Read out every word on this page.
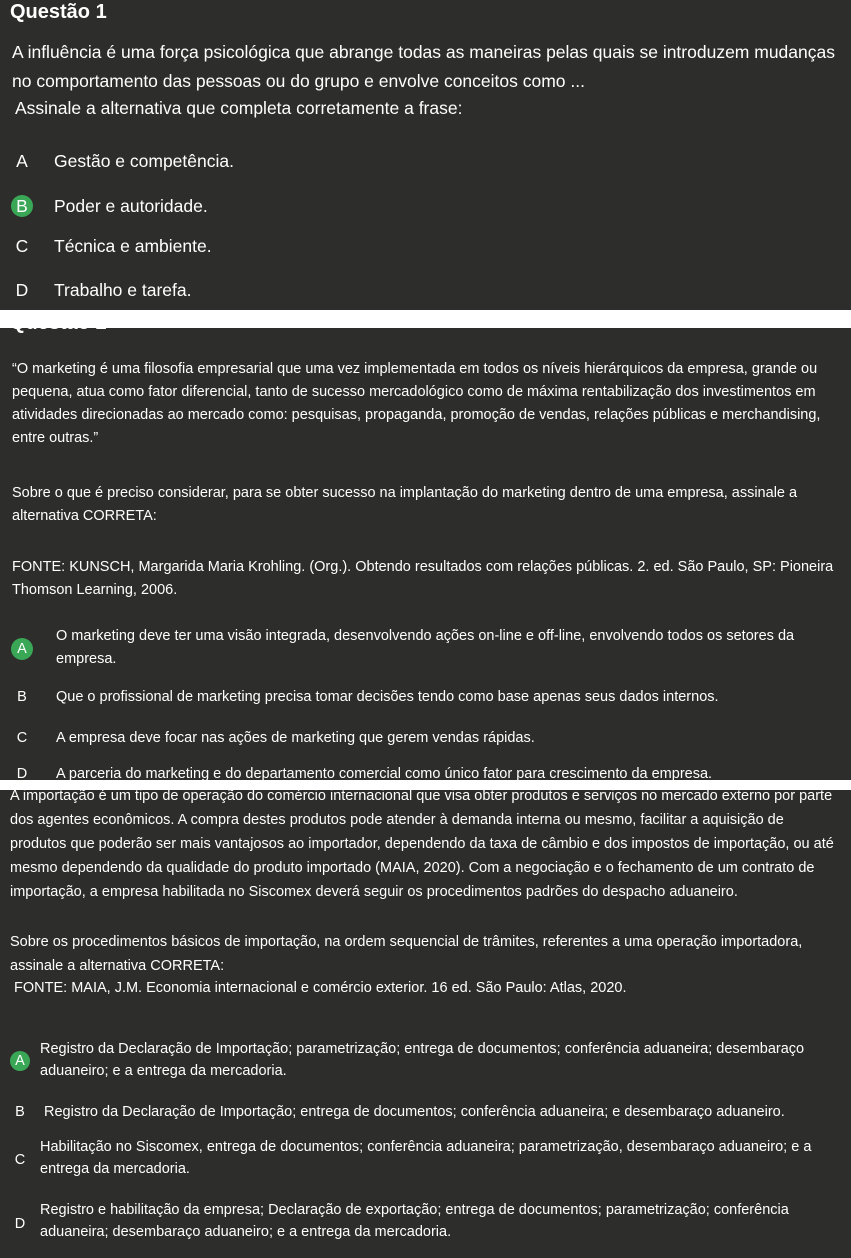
Questão 1

A influência é uma força psicológica que abrange todas as maneiras pelas quais se introduzem mudanças no comportamento das pessoas ou do grupo e envolve conceitos como ...

Assinale a alternativa que completa corretamente a frase:

A Gestão e competência.
B Poder e autoridade.
C Técnica e ambiente.
D Trabalho e tarefa.
Questão 2

“O marketing é uma filosofia empresarial que uma vez implementada em todos os níveis hierárquicos da empresa, grande ou pequena, atua como fator diferencial, tanto de sucesso mercadológico como de máxima rentabilização dos investimentos em atividades direcionadas ao mercado como: pesquisas, propaganda, promoção de vendas, relações públicas e merchandising, entre outras.”

Sobre o que é preciso considerar, para se obter sucesso na implantação do marketing dentro de uma empresa, assinale a alternativa CORRETA:

FONTE: KUNSCH, Margarida Maria Krohling. (Org.). Obtendo resultados com relações públicas. 2. ed. São Paulo, SP: Pioneira Thomson Learning, 2006.

A
O marketing deve ter uma visão integrada, desenvolvendo ações on-line e off-line, envolvendo todos os setores da empresa.
B	Que o profissional de marketing precisa tomar decisões tendo como base apenas seus dados internos.
C	A empresa deve focar nas ações de marketing que gerem vendas rápidas.
D	A parceria do marketing e do departamento comercial como único fator para crescimento da empresa.

A importação é um tipo de operação do comércio internacional que visa obter produtos e serviços no mercado externo por parte dos agentes econômicos. A compra destes produtos pode atender à demanda interna ou mesmo, facilitar a aquisição de produtos que poderão ser mais vantajosos ao importador, dependendo da taxa de câmbio e dos impostos de importação, ou até mesmo dependendo da qualidade do produto importado (MAIA, 2020). Com a negociação e o fechamento de um contrato de importação, a empresa habilitada no Siscomex deverá seguir os procedimentos padrões do despacho aduaneiro.

Sobre os procedimentos básicos de importação, na ordem sequencial de trâmites, referentes a uma operação importadora, assinale a alternativa CORRETA:

FONTE: MAIA, J.M. Economia internacional e comércio exterior. 16 ed. São Paulo: Atlas, 2020.

A
Registro da Declaração de Importação; parametrização; entrega de documentos; conferência aduaneira; desembaraço aduaneiro; e a entrega da mercadoria.
B	Registro da Declaração de Importação; entrega de documentos; conferência aduaneira; e desembaraço aduaneiro.
C
Habilitação no Siscomex, entrega de documentos; conferência aduaneira; parametrização, desembaraço aduaneiro; e a entrega da mercadoria.
D
Registro e habilitação da empresa; Declaração de exportação; entrega de documentos; parametrização; conferência aduaneira; desembaraço aduaneiro; e a entrega da mercadoria.
